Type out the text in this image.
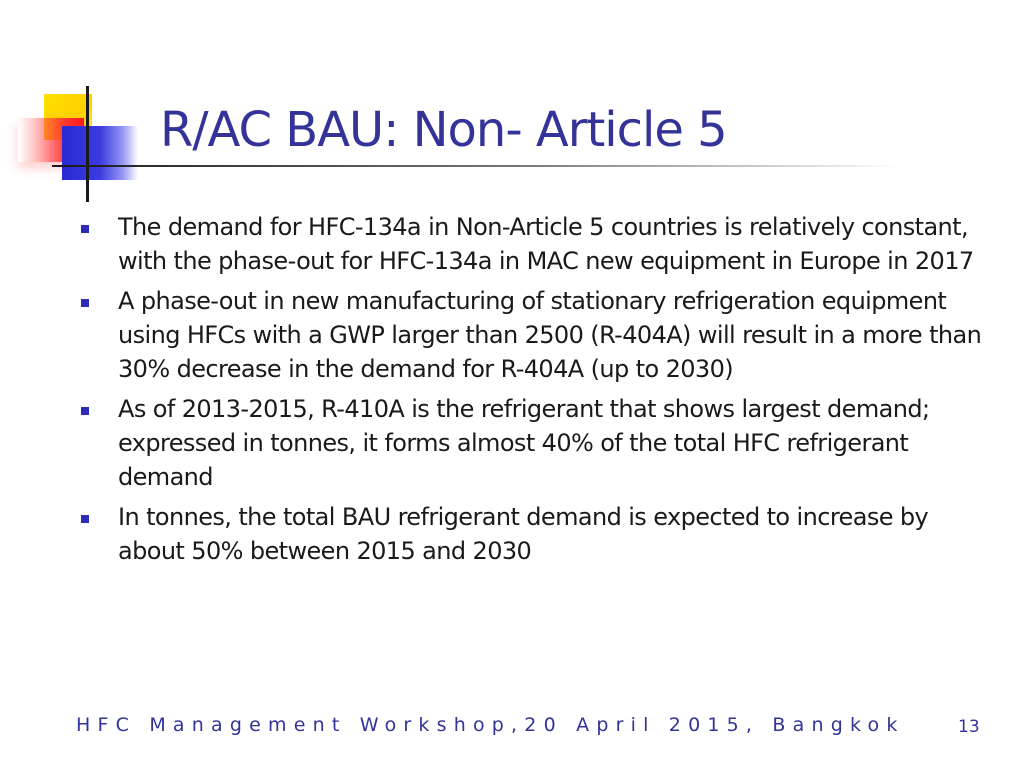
R/AC BAU: Non- Article 5
The demand for HFC-134a in Non-Article 5 countries is relatively constant, with the phase-out for HFC-134a in MAC new equipment in Europe in 2017
A phase-out in new manufacturing of stationary refrigeration equipment using HFCs with a GWP larger than 2500 (R-404A) will result in a more than 30% decrease in the demand for R-404A (up to 2030)
As of 2013-2015, R-410A is the refrigerant that shows largest demand; expressed in tonnes, it forms almost 40% of the total HFC refrigerant demand
In tonnes, the total BAU refrigerant demand is expected to increase by about 50% between 2015 and 2030
HFC Management Workshop,20 April 2015, Bangkok	13
